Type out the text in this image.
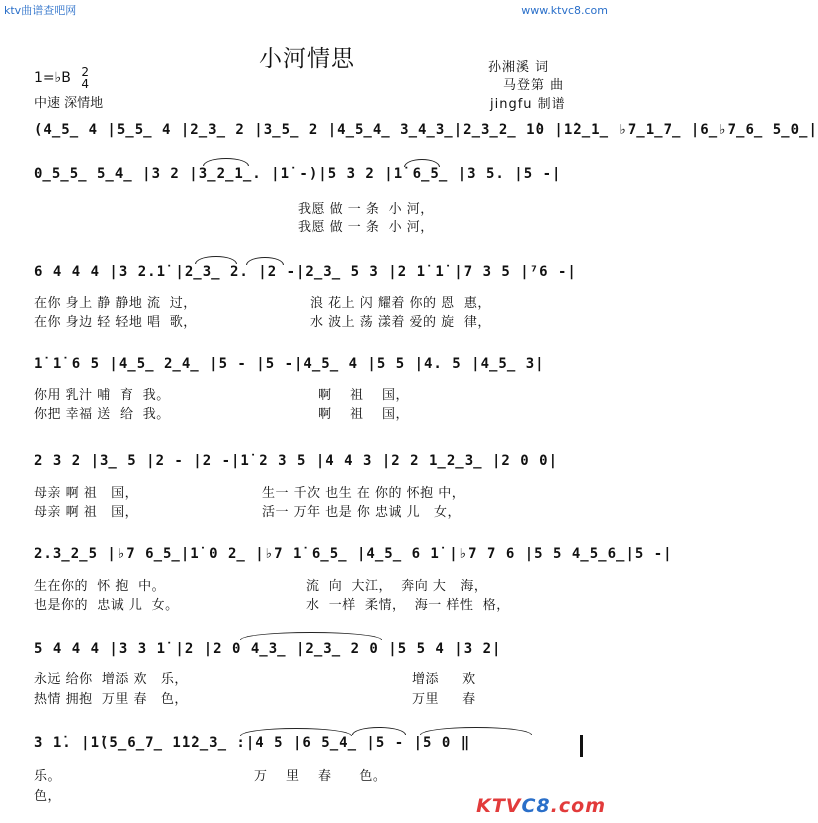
ktv曲谱查吧网	www.ktvc8.com
小河情思
1=♭B 2
4
中速 深情地
孙湘溪 词
马登第 曲
jingfu 制谱
(4̲5̲ 4 |5̲5̲ 4 |2̲3̲ 2 |3̲5̲ 2 |4̲5̲4̲ 3̲4̲3̲|2̲3̲2̲ 1̇0 |1̇2̲1̲ ♭7̲1̲7̲ |6̲♭7̲6̲ 5̲0̲|
0̲5̲5̲ 5̲4̲ |3 2 |3̲2̲1̲. |1̇ -)|5 3 2 |1̇ 6̲5̲ |3 5. |5 -|
我愿 做 一 条  小 河，
我愿 做 一 条  小 河，
6 4 4 4 |3 2.1̇ |2̲3̲ 2. |2 -|2̲3̲ 5 3 |2 1̇ 1̇ |7 3 5 |⁷6 -|
在你 身上 静 静地 流  过，	浪 花上 闪 耀着 你的 恩  惠，
在你 身边 轻 轻地 唱  歌，	水 波上 荡 漾着 爱的 旋  律，
1̇ 1̇ 6 5 |4̲5̲ 2̲4̲ |5 - |5 -|4̲5̲ 4 |5 5 |4. 5 |4̲5̲ 3|
你用 乳汁 哺  育  我。	啊    祖    国，
你把 幸福 送  给  我。	啊    祖    国，
2 3 2 |3̲ 5 |2 - |2 -|1̇ 2 3 5 |4 4 3 |2 2 1̲2̲3̲ |2 0 0|
母亲 啊 祖   国，	生一 千次 也生 在 你的 怀抱 中，
母亲 啊 祖   国，	活一 万年 也是 你 忠诚 儿   女，
2.3̲2̲5 |♭7 6̲5̲|1̇ 0 2̲ |♭7 1̇ 6̲5̲ |4̲5̲ 6 1̇ |♭7 7 6 |5 5 4̲5̲6̲|5 -|
生在你的  怀 抱  中。	流  向  大江，  奔向 大   海，
也是你的  忠诚 儿  女。	水  一样  柔情，  海一 样性  格，
5 4 4 4 |3 3 1̇ |2 |2 0 4̲3̲ |2̲3̲ 2 0 |5 5 4 |3 2|
永远 给你  增添 欢   乐，	增添     欢
热情 拥抱  万里 春   色，	万里     春
3 1̇. |1̇(5̲6̲7̲ 1̇1̇2̲3̲ :|4 5 |6 5̲4̲ |5 - |5 0 ‖
乐。	万    里    春      色。
色，	KTVC8.com
